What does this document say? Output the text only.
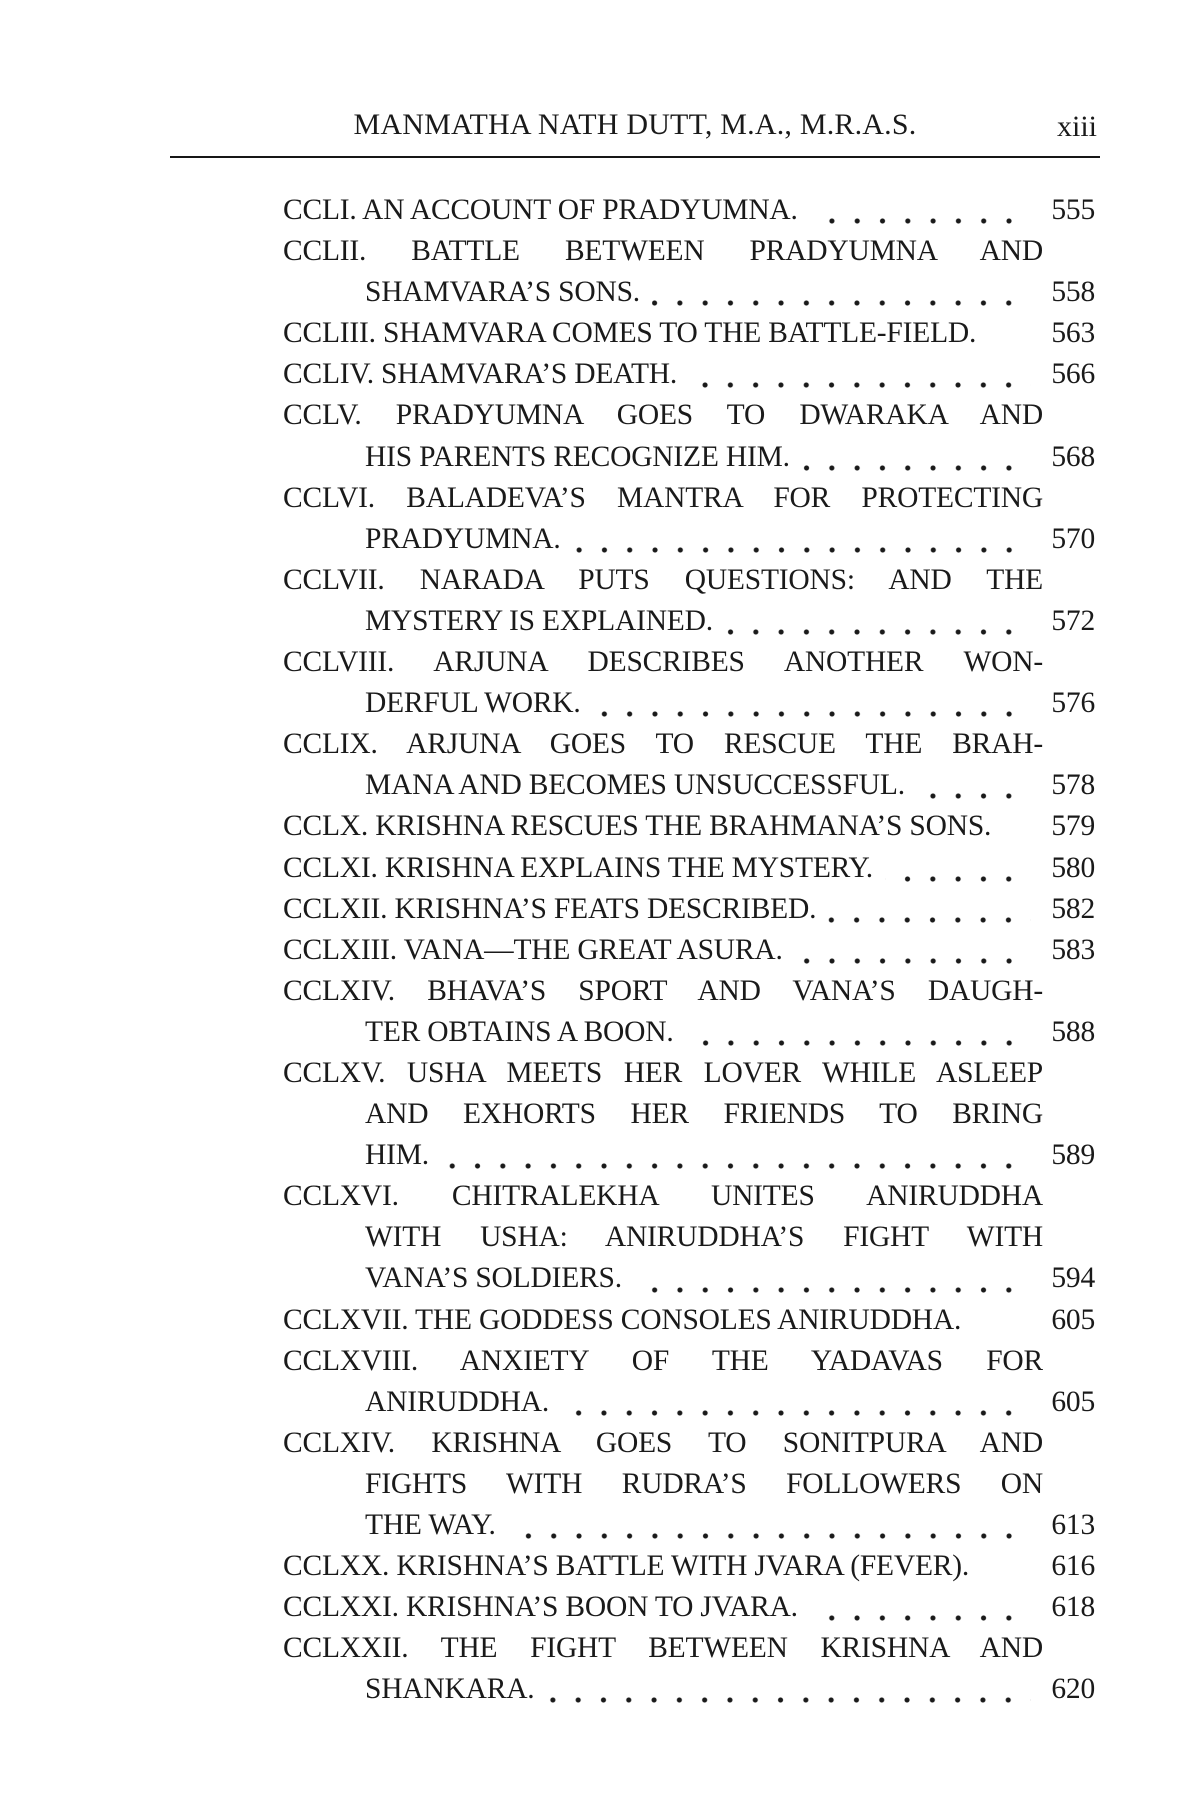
MANMATHA NATH DUTT, M.A., M.R.A.S.	xiii
CCLI. AN ACCOUNT OF PRADYUMNA.	555
CCLII. BATTLE BETWEEN PRADYUMNA AND
SHAMVARA’S SONS.	558
CCLIII. SHAMVARA COMES TO THE BATTLE-FIELD.	563
CCLIV. SHAMVARA’S DEATH.	566
CCLV. PRADYUMNA GOES TO DWARAKA AND
HIS PARENTS RECOGNIZE HIM.	568
CCLVI. BALADEVA’S MANTRA FOR PROTECTING
PRADYUMNA.	570
CCLVII. NARADA PUTS QUESTIONS: AND THE
MYSTERY IS EXPLAINED.	572
CCLVIII. ARJUNA DESCRIBES ANOTHER WON-
DERFUL WORK.	576
CCLIX. ARJUNA GOES TO RESCUE THE BRAH-
MANA AND BECOMES UNSUCCESSFUL.	578
CCLX. KRISHNA RESCUES THE BRAHMANA’S SONS.	579
CCLXI. KRISHNA EXPLAINS THE MYSTERY.	580
CCLXII. KRISHNA’S FEATS DESCRIBED.	582
CCLXIII. VANA—THE GREAT ASURA.	583
CCLXIV. BHAVA’S SPORT AND VANA’S DAUGH-
TER OBTAINS A BOON.	588
CCLXV. USHA MEETS HER LOVER WHILE ASLEEP
AND EXHORTS HER FRIENDS TO BRING
HIM.	589
CCLXVI. CHITRALEKHA UNITES ANIRUDDHA
WITH USHA: ANIRUDDHA’S FIGHT WITH
VANA’S SOLDIERS.	594
CCLXVII. THE GODDESS CONSOLES ANIRUDDHA.	605
CCLXVIII. ANXIETY OF THE YADAVAS FOR
ANIRUDDHA.	605
CCLXIV. KRISHNA GOES TO SONITPURA AND
FIGHTS WITH RUDRA’S FOLLOWERS ON
THE WAY.	613
CCLXX. KRISHNA’S BATTLE WITH JVARA (FEVER).	616
CCLXXI. KRISHNA’S BOON TO JVARA.	618
CCLXXII. THE FIGHT BETWEEN KRISHNA AND
SHANKARA.	620
